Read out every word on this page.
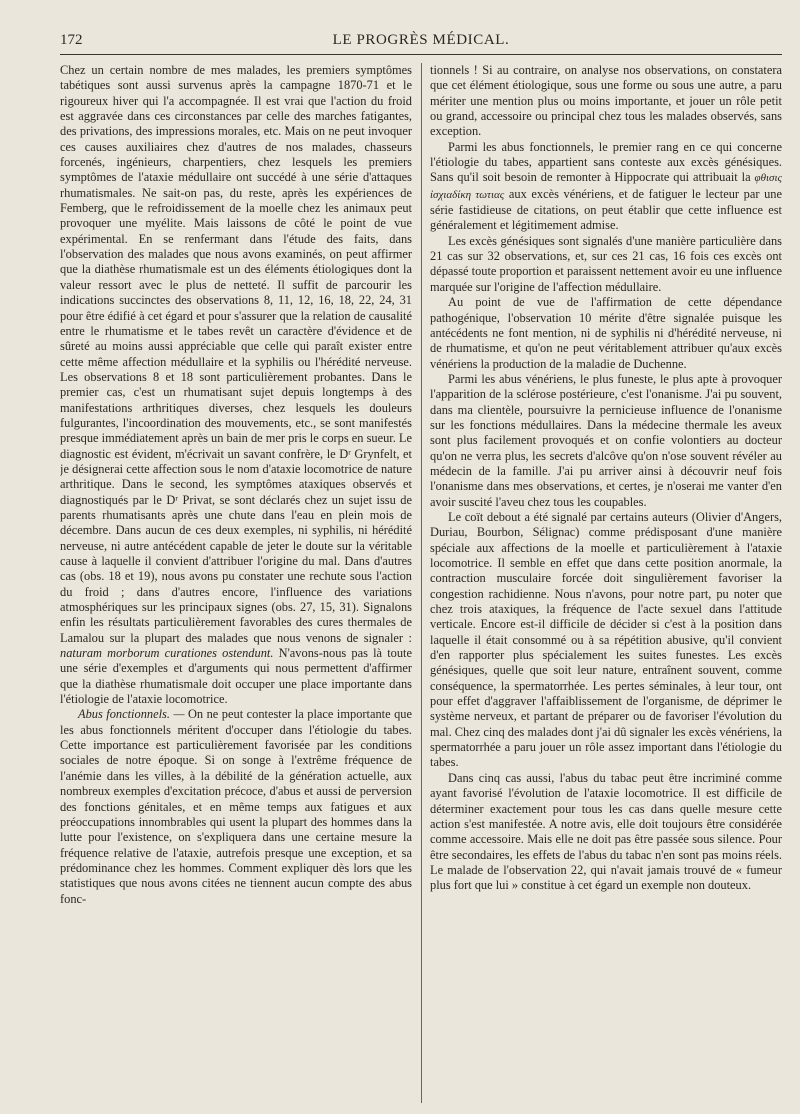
172	LE PROGRÈS MÉDICAL.

Chez un certain nombre de mes malades, les premiers symptômes tabétiques sont aussi survenus après la campagne 1870-71 et le rigoureux hiver qui l'a accompagnée. Il est vrai que l'action du froid est aggravée dans ces circonstances par celle des marches fatigantes, des privations, des impressions morales, etc. Mais on ne peut invoquer ces causes auxiliaires chez d'autres de nos malades, chasseurs forcenés, ingénieurs, charpentiers, chez lesquels les premiers symptômes de l'ataxie médullaire ont succédé à une série d'attaques rhumatismales. Ne sait-on pas, du reste, après les expériences de Femberg, que le refroidissement de la moelle chez les animaux peut provoquer une myélite. Mais laissons de côté le point de vue expérimental. En se renfermant dans l'étude des faits, dans l'observation des malades que nous avons examinés, on peut affirmer que la diathèse rhumatismale est un des éléments étiologiques dont la valeur ressort avec le plus de netteté. Il suffit de parcourir les indications succinctes des observations 8, 11, 12, 16, 18, 22, 24, 31 pour être édifié à cet égard et pour s'assurer que la relation de causalité entre le rhumatisme et le tabes revêt un caractère d'évidence et de sûreté au moins aussi appréciable que celle qui paraît exister entre cette même affection médullaire et la syphilis ou l'hérédité nerveuse. Les observations 8 et 18 sont particulièrement probantes. Dans le premier cas, c'est un rhumatisant sujet depuis longtemps à des manifestations arthritiques diverses, chez lesquels les douleurs fulgurantes, l'incoordination des mouvements, etc., se sont manifestés presque immédiatement après un bain de mer pris le corps en sueur. Le diagnostic est évident, m'écrivait un savant confrère, le Dʳ Grynfelt, et je désignerai cette affection sous le nom d'ataxie locomotrice de nature arthritique. Dans le second, les symptômes ataxiques observés et diagnostiqués par le Dʳ Privat, se sont déclarés chez un sujet issu de parents rhumatisants après une chute dans l'eau en plein mois de décembre. Dans aucun de ces deux exemples, ni syphilis, ni hérédité nerveuse, ni autre antécédent capable de jeter le doute sur la véritable cause à laquelle il convient d'attribuer l'origine du mal. Dans d'autres cas (obs. 18 et 19), nous avons pu constater une rechute sous l'action du froid ; dans d'autres encore, l'influence des variations atmosphériques sur les principaux signes (obs. 27, 15, 31). Signalons enfin les résultats particulièrement favorables des cures thermales de Lamalou sur la plupart des malades que nous venons de signaler : naturam morborum curationes ostendunt. N'avons-nous pas là toute une série d'exemples et d'arguments qui nous permettent d'affirmer que la diathèse rhumatismale doit occuper une place importante dans l'étiologie de l'ataxie locomotrice.

Abus fonctionnels. — On ne peut contester la place importante que les abus fonctionnels méritent d'occuper dans l'étiologie du tabes. Cette importance est particulièrement favorisée par les conditions sociales de notre époque. Si on songe à l'extrême fréquence de l'anémie dans les villes, à la débilité de la génération actuelle, aux nombreux exemples d'excitation précoce, d'abus et aussi de perversion des fonctions génitales, et en même temps aux fatigues et aux préoccupations innombrables qui usent la plupart des hommes dans la lutte pour l'existence, on s'expliquera dans une certaine mesure la fréquence relative de l'ataxie, autrefois presque une exception, et sa prédominance chez les hommes. Comment expliquer dès lors que les statistiques que nous avons citées ne tiennent aucun compte des abus fonc-

tionnels ! Si au contraire, on analyse nos observations, on constatera que cet élément étiologique, sous une forme ou sous une autre, a paru mériter une mention plus ou moins importante, et jouer un rôle petit ou grand, accessoire ou principal chez tous les malades observés, sans exception.

Parmi les abus fonctionnels, le premier rang en ce qui concerne l'étiologie du tabes, appartient sans conteste aux excès génésiques. Sans qu'il soit besoin de remonter à Hippocrate qui attribuait la φθισις ἰσχιαδίκη τωτιας aux excès vénériens, et de fatiguer le lecteur par une série fastidieuse de citations, on peut établir que cette influence est généralement et légitimement admise.

Les excès génésiques sont signalés d'une manière particulière dans 21 cas sur 32 observations, et, sur ces 21 cas, 16 fois ces excès ont dépassé toute proportion et paraissent nettement avoir eu une influence marquée sur l'origine de l'affection médullaire.

Au point de vue de l'affirmation de cette dépendance pathogénique, l'observation 10 mérite d'être signalée puisque les antécédents ne font mention, ni de syphilis ni d'hérédité nerveuse, ni de rhumatisme, et qu'on ne peut véritablement attribuer qu'aux excès vénériens la production de la maladie de Duchenne.

Parmi les abus vénériens, le plus funeste, le plus apte à provoquer l'apparition de la sclérose postérieure, c'est l'onanisme. J'ai pu souvent, dans ma clientèle, poursuivre la pernicieuse influence de l'onanisme sur les fonctions médullaires. Dans la médecine thermale les aveux sont plus facilement provoqués et on confie volontiers au docteur qu'on ne verra plus, les secrets d'alcôve qu'on n'ose souvent révéler au médecin de la famille. J'ai pu arriver ainsi à découvrir neuf fois l'onanisme dans mes observations, et certes, je n'oserai me vanter d'en avoir suscité l'aveu chez tous les coupables.

Le coït debout a été signalé par certains auteurs (Olivier d'Angers, Duriau, Bourbon, Sélignac) comme prédisposant d'une manière spéciale aux affections de la moelle et particulièrement à l'ataxie locomotrice. Il semble en effet que dans cette position anormale, la contraction musculaire forcée doit singulièrement favoriser la congestion rachidienne. Nous n'avons, pour notre part, pu noter que chez trois ataxiques, la fréquence de l'acte sexuel dans l'attitude verticale. Encore est-il difficile de décider si c'est à la position dans laquelle il était consommé ou à sa répétition abusive, qu'il convient d'en rapporter plus spécialement les suites funestes. Les excès génésiques, quelle que soit leur nature, entraînent souvent, comme conséquence, la spermatorrhée. Les pertes séminales, à leur tour, ont pour effet d'aggraver l'affaiblissement de l'organisme, de déprimer le système nerveux, et partant de préparer ou de favoriser l'évolution du mal. Chez cinq des malades dont j'ai dû signaler les excès vénériens, la spermatorrhée a paru jouer un rôle assez important dans l'étiologie du tabes.

Dans cinq cas aussi, l'abus du tabac peut être incriminé comme ayant favorisé l'évolution de l'ataxie locomotrice. Il est difficile de déterminer exactement pour tous les cas dans quelle mesure cette action s'est manifestée. A notre avis, elle doit toujours être considérée comme accessoire. Mais elle ne doit pas être passée sous silence. Pour être secondaires, les effets de l'abus du tabac n'en sont pas moins réels. Le malade de l'observation 22, qui n'avait jamais trouvé de « fumeur plus fort que lui » constitue à cet égard un exemple non douteux.
